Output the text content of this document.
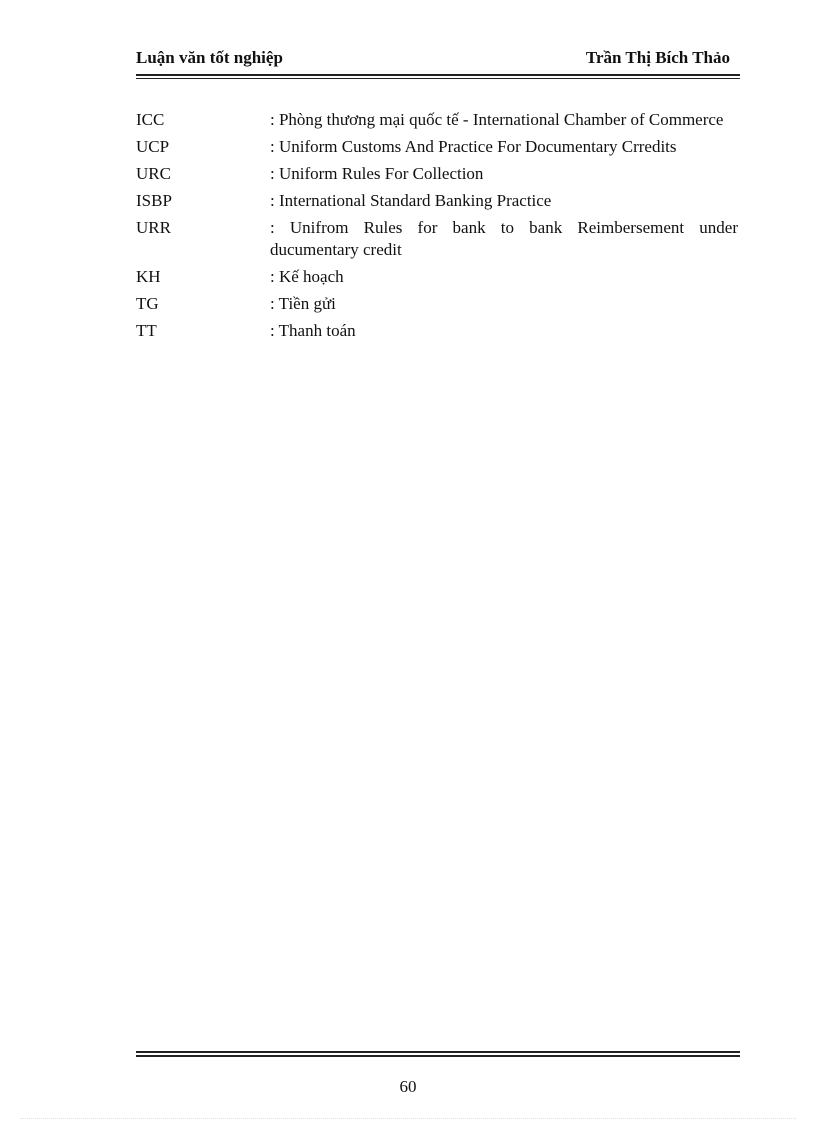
Luận văn tốt nghiệp	Trần Thị Bích Thảo
ICC	: Phòng thương mại quốc tế - International Chamber of Commerce
UCP	: Uniform Customs And Practice For Documentary Crredits
URC	: Uniform Rules For Collection
ISBP	: International Standard Banking Practice
URR	: Unifrom Rules for bank to bank Reimbersement under ducumentary credit
KH	: Kế hoạch
TG	: Tiền gửi
TT	: Thanh toán
60
